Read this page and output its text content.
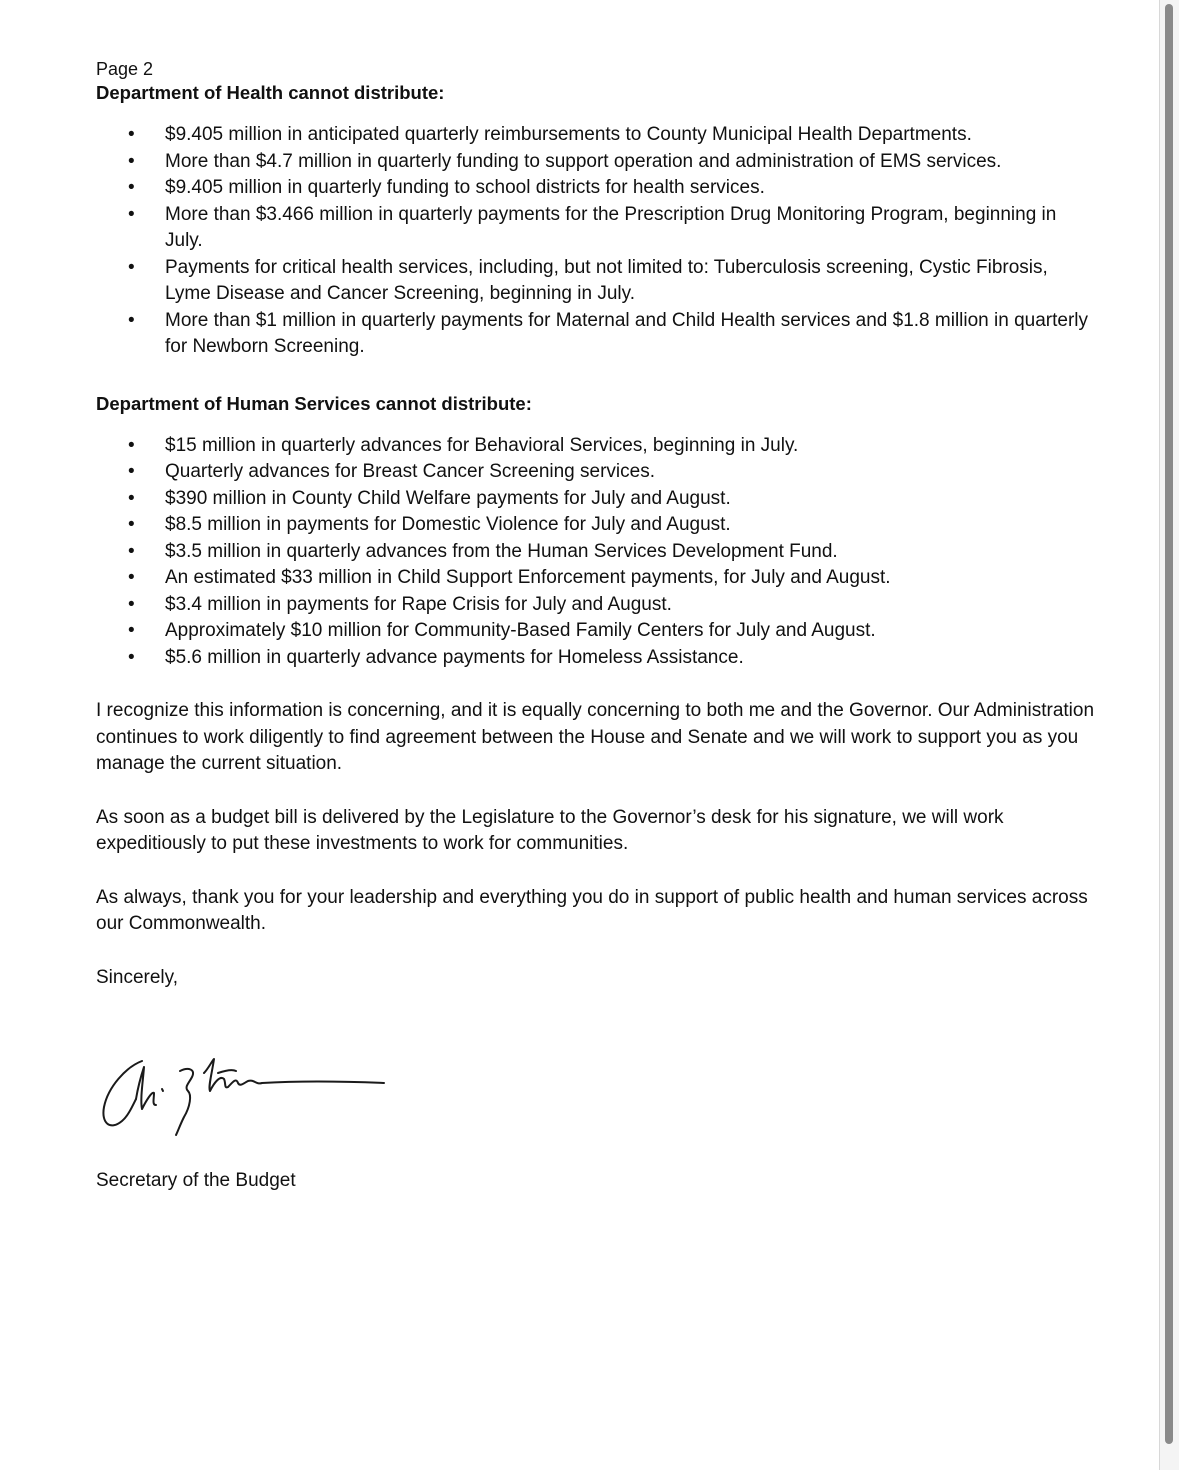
Page 2

Department of Health cannot distribute:

• $9.405 million in anticipated quarterly reimbursements to County Municipal Health Departments.
• More than $4.7 million in quarterly funding to support operation and administration of EMS services.
• $9.405 million in quarterly funding to school districts for health services.
• More than $3.466 million in quarterly payments for the Prescription Drug Monitoring Program, beginning in July.
• Payments for critical health services, including, but not limited to: Tuberculosis screening, Cystic Fibrosis, Lyme Disease and Cancer Screening, beginning in July.
• More than $1 million in quarterly payments for Maternal and Child Health services and $1.8 million in quarterly for Newborn Screening.

Department of Human Services cannot distribute:

• $15 million in quarterly advances for Behavioral Services, beginning in July.
• Quarterly advances for Breast Cancer Screening services.
• $390 million in County Child Welfare payments for July and August.
• $8.5 million in payments for Domestic Violence for July and August.
• $3.5 million in quarterly advances from the Human Services Development Fund.
• An estimated $33 million in Child Support Enforcement payments, for July and August.
• $3.4 million in payments for Rape Crisis for July and August.
• Approximately $10 million for Community-Based Family Centers for July and August.
• $5.6 million in quarterly advance payments for Homeless Assistance.

I recognize this information is concerning, and it is equally concerning to both me and the Governor. Our Administration continues to work diligently to find agreement between the House and Senate and we will work to support you as you manage the current situation.

As soon as a budget bill is delivered by the Legislature to the Governor’s desk for his signature, we will work expeditiously to put these investments to work for communities.

As always, thank you for your leadership and everything you do in support of public health and human services across our Commonwealth.

Sincerely,

Secretary of the Budget
